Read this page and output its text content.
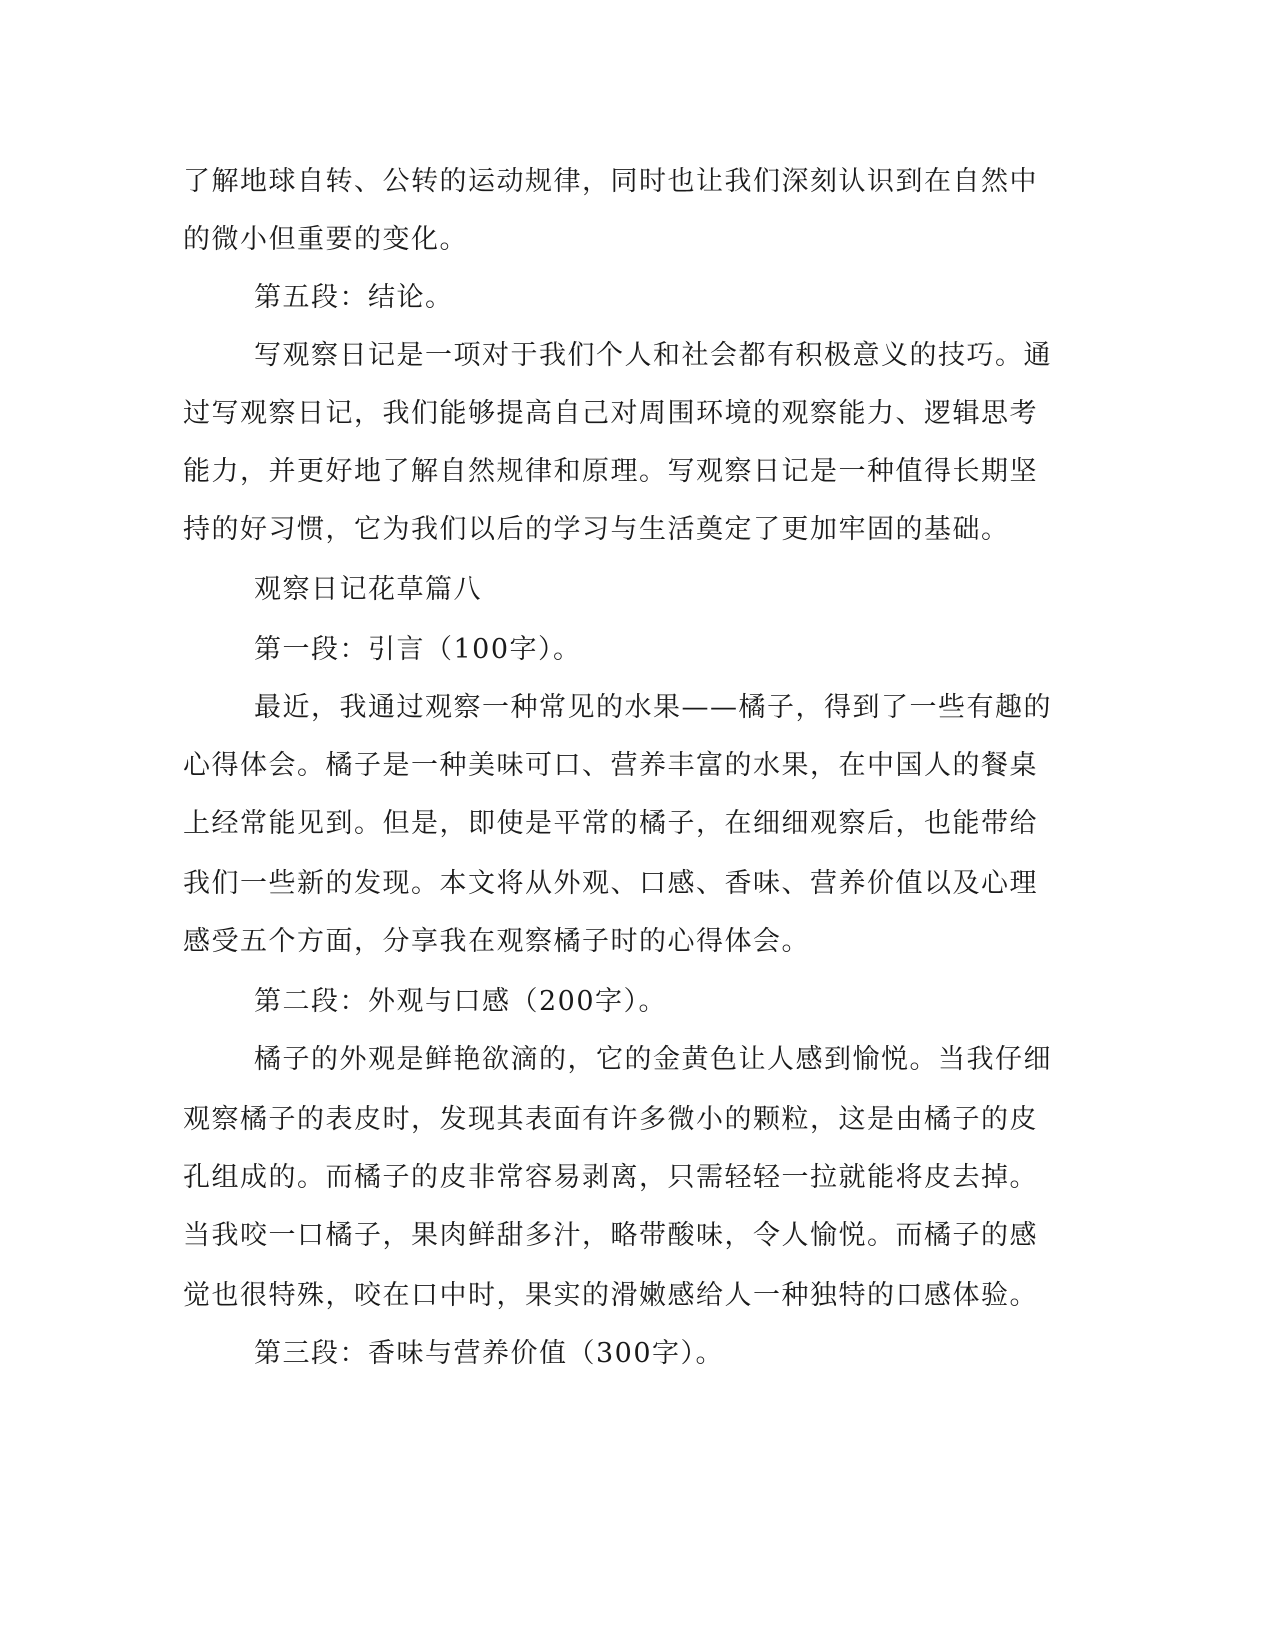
了解地球自转、公转的运动规律，同时也让我们深刻认识到在自然中
的微小但重要的变化。
第五段：结论。
写观察日记是一项对于我们个人和社会都有积极意义的技巧。通
过写观察日记，我们能够提高自己对周围环境的观察能力、逻辑思考
能力，并更好地了解自然规律和原理。写观察日记是一种值得长期坚
持的好习惯，它为我们以后的学习与生活奠定了更加牢固的基础。
观察日记花草篇八
第一段：引言（100字）。
最近，我通过观察一种常见的水果——橘子，得到了一些有趣的
心得体会。橘子是一种美味可口、营养丰富的水果，在中国人的餐桌
上经常能见到。但是，即使是平常的橘子，在细细观察后，也能带给
我们一些新的发现。本文将从外观、口感、香味、营养价值以及心理
感受五个方面，分享我在观察橘子时的心得体会。
第二段：外观与口感（200字）。
橘子的外观是鲜艳欲滴的，它的金黄色让人感到愉悦。当我仔细
观察橘子的表皮时，发现其表面有许多微小的颗粒，这是由橘子的皮
孔组成的。而橘子的皮非常容易剥离，只需轻轻一拉就能将皮去掉。
当我咬一口橘子，果肉鲜甜多汁，略带酸味，令人愉悦。而橘子的感
觉也很特殊，咬在口中时，果实的滑嫩感给人一种独特的口感体验。
第三段：香味与营养价值（300字）。
